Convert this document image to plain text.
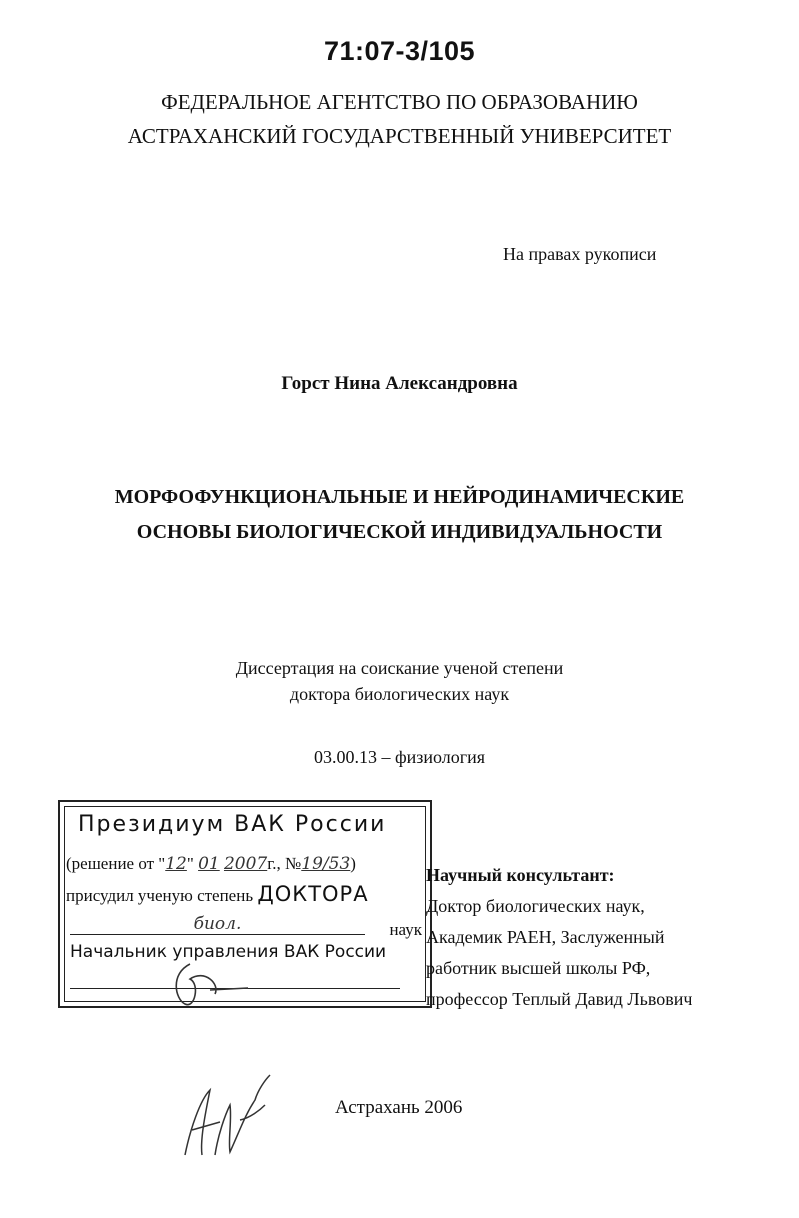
71:07-3/105
ФЕДЕРАЛЬНОЕ АГЕНТСТВО ПО ОБРАЗОВАНИЮ
АСТРАХАНСКИЙ ГОСУДАРСТВЕННЫЙ УНИВЕРСИТЕТ
На правах рукописи
Горст Нина Александровна
МОРФОФУНКЦИОНАЛЬНЫЕ И НЕЙРОДИНАМИЧЕСКИЕ
ОСНОВЫ БИОЛОГИЧЕСКОЙ ИНДИВИДУАЛЬНОСТИ
Диссертация на соискание ученой степени
доктора биологических наук
03.00.13 – физиология
Президиум ВАК России
(решение от "12" 01 2007г., №19/53)
присудил ученую степень ДОКТОРА
биол.	наук
Начальник управления ВАК России
Научный консультант:
Доктор биологических наук,
Академик РАЕН, Заслуженный
работник высшей школы РФ,
профессор Теплый Давид Львович
Астрахань 2006
